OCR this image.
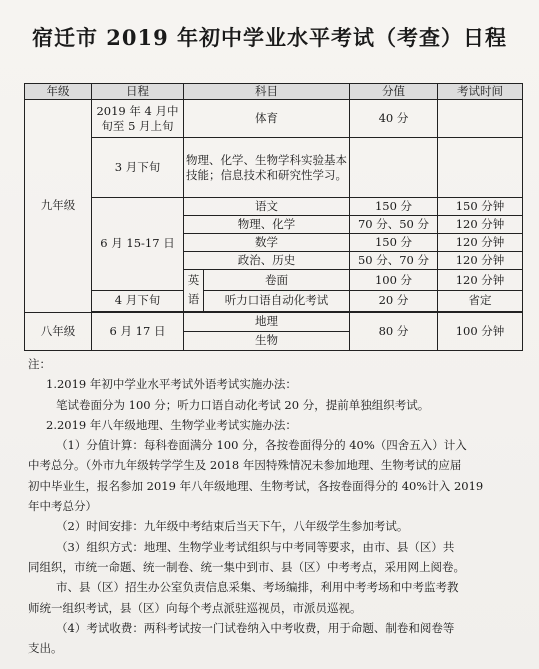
宿迁市 2019 年初中学业水平考试（考查）日程
年级	日程	科目		分值	考试时间
九年级	2019 年 4 月中旬至 5 月上旬	体育		40 分	
	3 月下旬	物理、化学、生物学科实验基本技能；信息技术和研究性学习。			
	6 月 15-17 日	语文		150 分	150 分钟
		物理、化学		70 分、50 分	120 分钟
		数学		150 分	120 分钟
		政治、历史		50 分、70 分	120 分钟

		英语	卷面	100 分	120 分钟
	4 月下旬		听力口语自动化考试	20 分	省定

八年级	6 月 17 日	地理		80 分	100 分钟
		生物			

注：

1.2019 年初中学业水平考试外语考试实施办法：

笔试卷面分为 100 分；听力口语自动化考试 20 分，提前单独组织考试。

2.2019 年八年级地理、生物学业考试实施办法：

（1）分值计算：每科卷面满分 100 分，各按卷面得分的 40%（四舍五入）计入

中考总分。（外市九年级转学学生及 2018 年因特殊情况未参加地理、生物考试的应届

初中毕业生，报名参加 2019 年八年级地理、生物考试，各按卷面得分的 40%计入 2019

年中考总分）

（2）时间安排：九年级中考结束后当天下午，八年级学生参加考试。

（3）组织方式：地理、生物学业考试组织与中考同等要求，由市、县（区）共

同组织，市统一命题、统一制卷、统一集中到市、县（区）中考考点，采用网上阅卷。

市、县（区）招生办公室负责信息采集、考场编排，利用中考考场和中考监考教

师统一组织考试，县（区）向每个考点派驻巡视员，市派员巡视。

（4）考试收费：两科考试按一门试卷纳入中考收费，用于命题、制卷和阅卷等

支出。
